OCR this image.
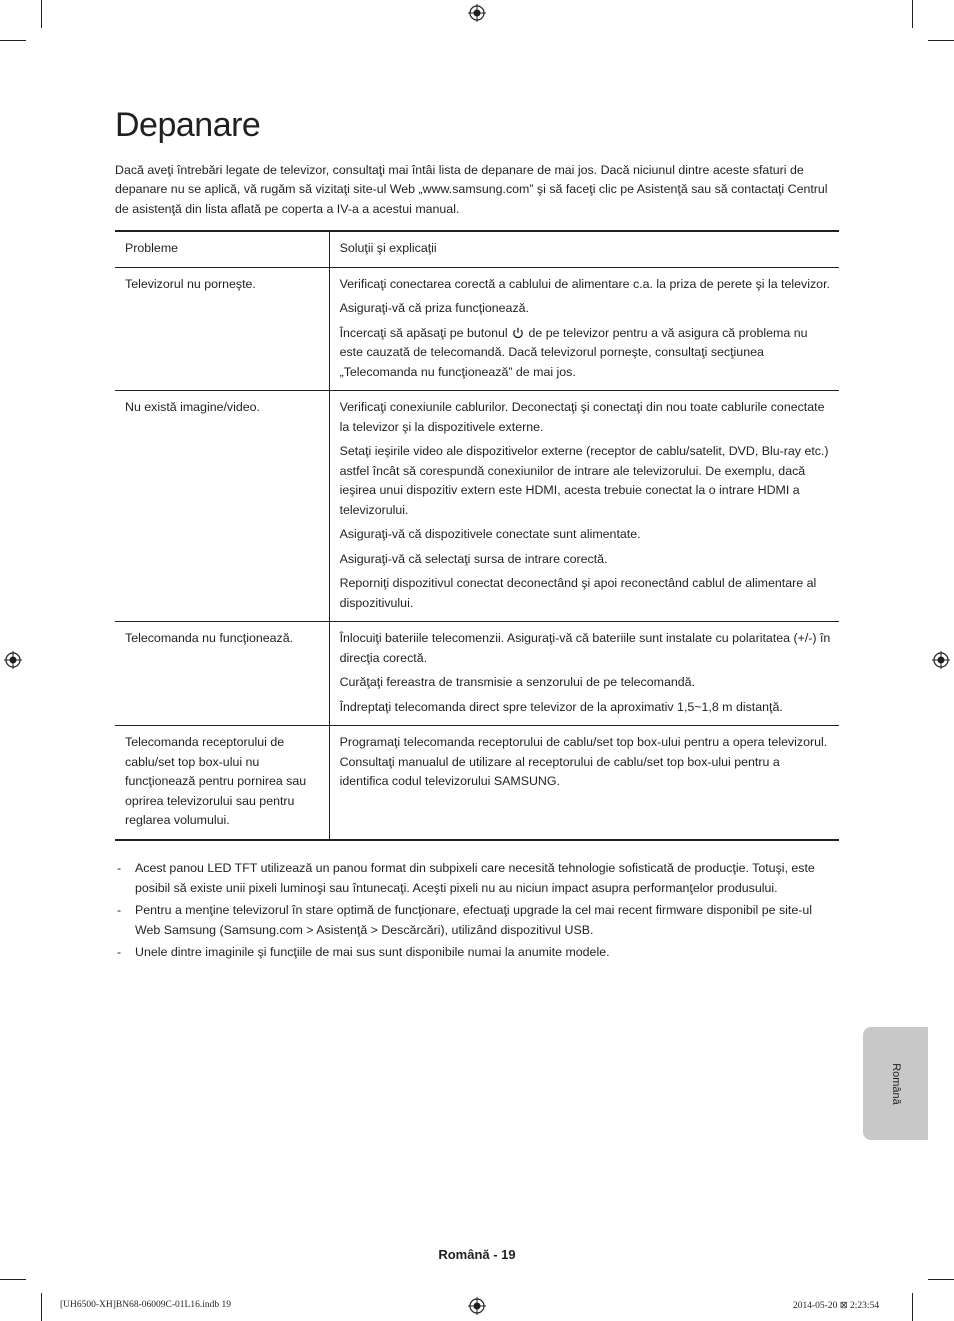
Depanare

Dacă aveţi întrebări legate de televizor, consultaţi mai întâi lista de depanare de mai jos. Dacă niciunul dintre aceste sfaturi de depanare nu se aplică, vă rugăm să vizitaţi site-ul Web „www.samsung.com” şi să faceţi clic pe Asistenţă sau să contactaţi Centrul de asistenţă din lista aflată pe coperta a IV-a a acestui manual.

Probleme	Soluţii şi explicaţii
Televizorul nu porneşte.	Verificaţi conectarea corectă a cablului de alimentare c.a. la priza de perete şi la televizor.

Asiguraţi-vă că priza funcţionează.

Încercaţi să apăsaţi pe butonul  de pe televizor pentru a vă asigura că problema nu este cauzată de telecomandă. Dacă televizorul porneşte, consultaţi secţiunea „Telecomanda nu funcţionează” de mai jos.

Nu există imagine/video.	Verificaţi conexiunile cablurilor. Deconectaţi şi conectaţi din nou toate cablurile conectate la televizor şi la dispozitivele externe.

Setaţi ieşirile video ale dispozitivelor externe (receptor de cablu/satelit, DVD, Blu-ray etc.) astfel încât să corespundă conexiunilor de intrare ale televizorului. De exemplu, dacă ieşirea unui dispozitiv extern este HDMI, acesta trebuie conectat la o intrare HDMI a televizorului.

Asiguraţi-vă că dispozitivele conectate sunt alimentate.

Asiguraţi-vă că selectaţi sursa de intrare corectă.

Reporniţi dispozitivul conectat deconectând şi apoi reconectând cablul de alimentare al dispozitivului.

Telecomanda nu funcţionează.	Înlocuiţi bateriile telecomenzii. Asiguraţi-vă că bateriile sunt instalate cu polaritatea (+/-) în direcţia corectă.

Curăţaţi fereastra de transmisie a senzorului de pe telecomandă.

Îndreptaţi telecomanda direct spre televizor de la aproximativ 1,5~1,8 m distanţă.

Telecomanda receptorului de cablu/set top box-ului nu funcţionează pentru pornirea sau oprirea televizorului sau pentru reglarea volumului.	Programaţi telecomanda receptorului de cablu/set top box-ului pentru a opera televizorul. Consultaţi manualul de utilizare al receptorului de cablu/set top box-ului pentru a identifica codul televizorului SAMSUNG.

- Acest panou LED TFT utilizează un panou format din subpixeli care necesită tehnologie sofisticată de producţie. Totuşi, este posibil să existe unii pixeli luminoşi sau întunecaţi. Aceşti pixeli nu au niciun impact asupra performanţelor produsului.
- Pentru a menţine televizorul în stare optimă de funcţionare, efectuaţi upgrade la cel mai recent firmware disponibil pe site-ul Web Samsung (Samsung.com > Asistenţă > Descărcări), utilizând dispozitivul USB.
- Unele dintre imaginile şi funcţiile de mai sus sunt disponibile numai la anumite modele.
Română
Română - 19
[UH6500-XH]BN68-06009C-01L16.indb 19	2014-05-20 ⊠ 2:23:54
